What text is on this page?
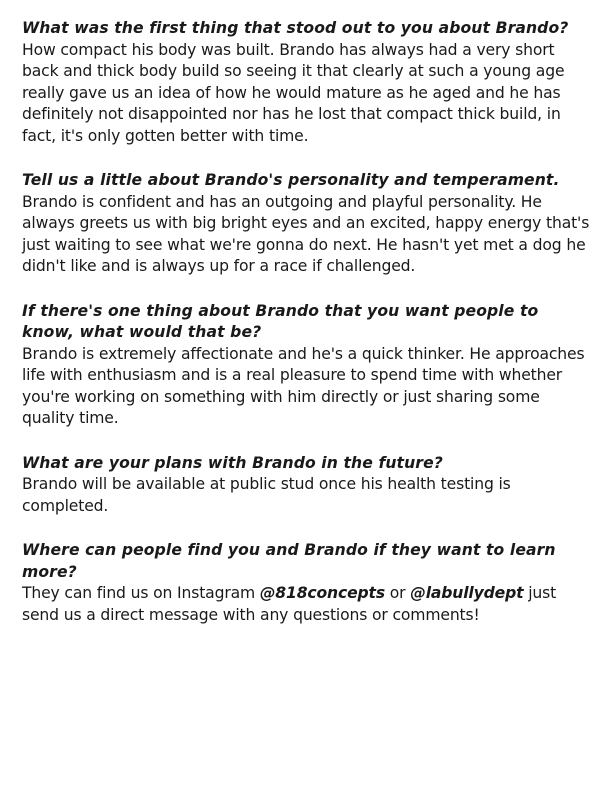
What was the first thing that stood out to you about Brando?

How compact his body was built. Brando has always had a very short back and thick body build so seeing it that clearly at such a young age really gave us an idea of how he would mature as he aged and he has definitely not disappointed nor has he lost that compact thick build, in fact, it's only gotten better with time.

Tell us a little about Brando's personality and temperament.

Brando is confident and has an outgoing and playful personality. He always greets us with big bright eyes and an excited, happy energy that's just waiting to see what we're gonna do next. He hasn't yet met a dog he didn't like and is always up for a race if challenged.

If there's one thing about Brando that you want people to know, what would that be?

Brando is extremely affectionate and he's a quick thinker. He approaches life with enthusiasm and is a real pleasure to spend time with whether you're working on something with him directly or just sharing some quality time.

What are your plans with Brando in the future?

Brando will be available at public stud once his health testing is completed.

Where can people find you and Brando if they want to learn more?

They can find us on Instagram @818concepts or @labullydept just send us a direct message with any questions or comments!
